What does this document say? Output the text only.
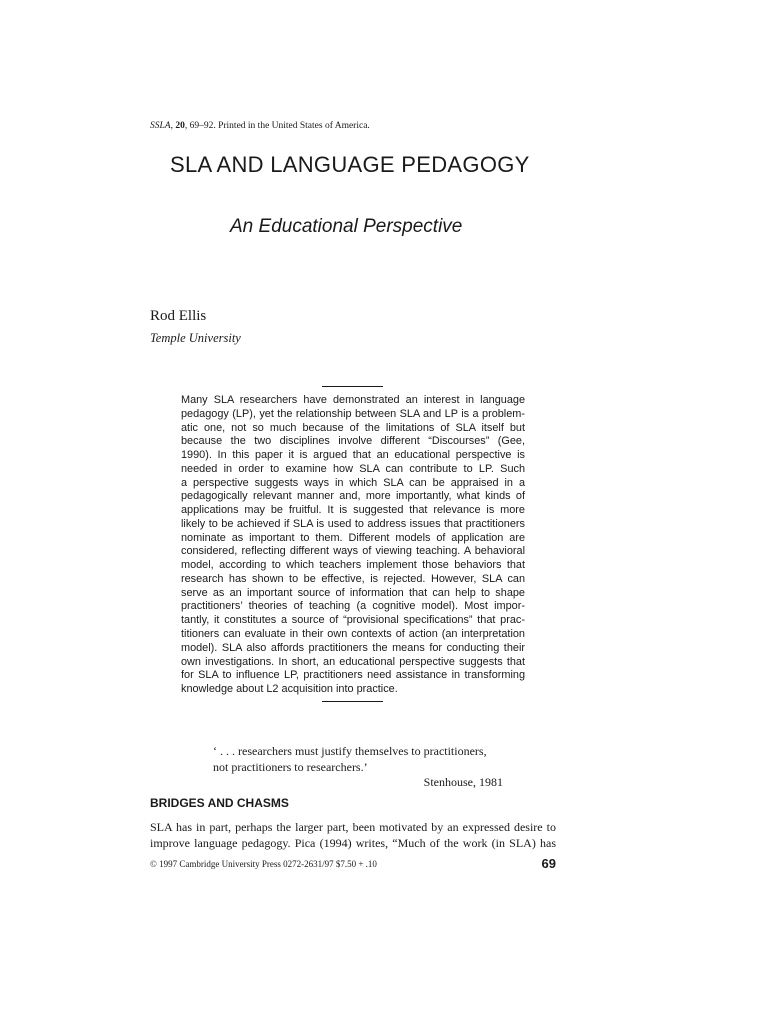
SSLA, 20, 69–92. Printed in the United States of America.
SLA AND LANGUAGE PEDAGOGY
An Educational Perspective
Rod Ellis
Temple University
Many SLA researchers have demonstrated an interest in language
pedagogy (LP), yet the relationship between SLA and LP is a problem-
atic one, not so much because of the limitations of SLA itself but
because the two disciplines involve different “Discourses” (Gee,
1990). In this paper it is argued that an educational perspective is
needed in order to examine how SLA can contribute to LP. Such
a perspective suggests ways in which SLA can be appraised in a
pedagogically relevant manner and, more importantly, what kinds of
applications may be fruitful. It is suggested that relevance is more
likely to be achieved if SLA is used to address issues that practitioners
nominate as important to them. Different models of application are
considered, reflecting different ways of viewing teaching. A behavioral
model, according to which teachers implement those behaviors that
research has shown to be effective, is rejected. However, SLA can
serve as an important source of information that can help to shape
practitioners’ theories of teaching (a cognitive model). Most impor-
tantly, it constitutes a source of “provisional specifications” that prac-
titioners can evaluate in their own contexts of action (an interpretation
model). SLA also affords practitioners the means for conducting their
own investigations. In short, an educational perspective suggests that
for SLA to influence LP, practitioners need assistance in transforming
knowledge about L2 acquisition into practice.
‘ . . . researchers must justify themselves to practitioners,
not practitioners to researchers.’
Stenhouse, 1981
BRIDGES AND CHASMS
SLA has in part, perhaps the larger part, been motivated by an expressed desire to
improve language pedagogy. Pica (1994) writes, “Much of the work (in SLA) has
© 1997 Cambridge University Press 0272-2631/97 $7.50 + .10	69
